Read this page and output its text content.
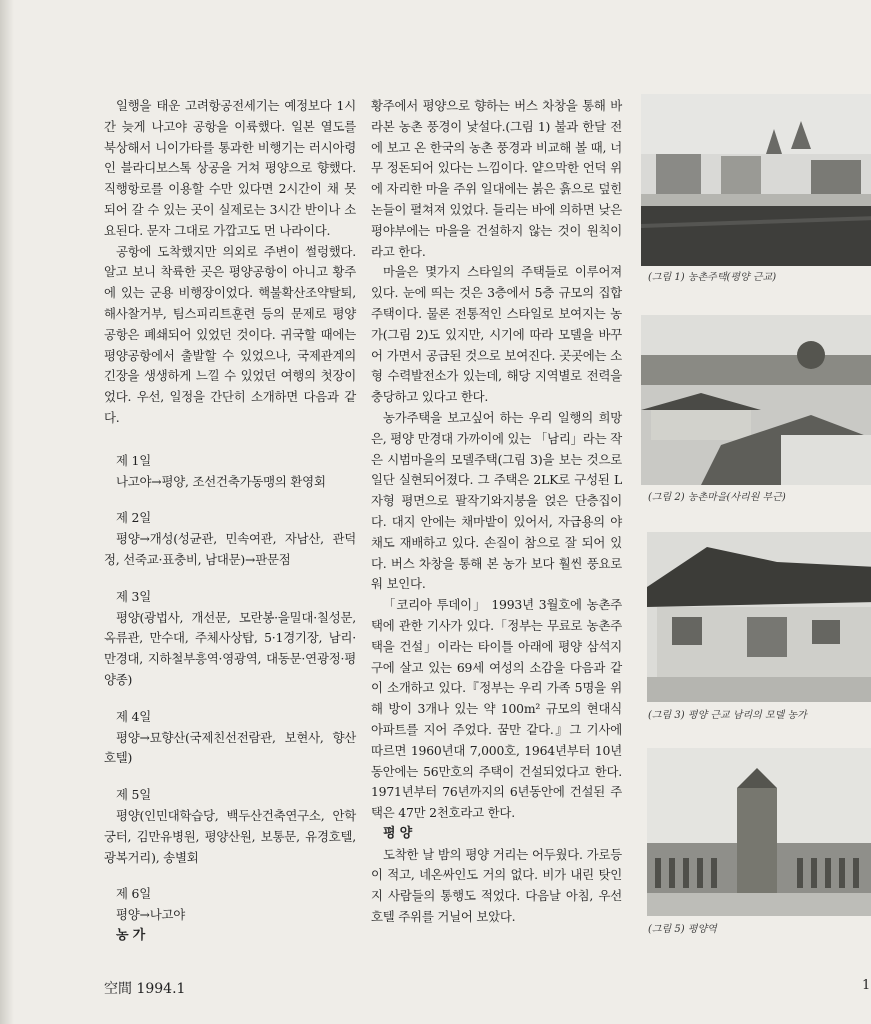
일행을 태운 고려항공전세기는 예정보다 1시간 늦게 나고야 공항을 이륙했다. 일본 열도를 북상해서 니이가타를 통과한 비행기는 러시아령인 블라디보스톡 상공을 거쳐 평양으로 향했다. 직행항로를 이용할 수만 있다면 2시간이 채 못되어 갈 수 있는 곳이 실제로는 3시간 반이나 소요된다. 문자 그대로 가깝고도 먼 나라이다.

공항에 도착했지만 의외로 주변이 썰렁했다. 알고 보니 착륙한 곳은 평양공항이 아니고 황주에 있는 군용 비행장이었다. 핵불확산조약탈퇴, 해사찰거부, 팀스피리트훈련 등의 문제로 평양공항은 폐쇄되어 있었던 것이다. 귀국할 때에는 평양공항에서 출발할 수 있었으나, 국제관계의 긴장을 생생하게 느낄 수 있었던 여행의 첫장이었다. 우선, 일정을 간단히 소개하면 다음과 같다.

제 1일

나고야→평양, 조선건축가동맹의 환영회

제 2일

평양→개성(성균관, 민속여관, 자남산, 관덕정, 선죽교·표충비, 남대문)→판문점

제 3일

평양(광법사, 개선문, 모란봉·을밀대·칠성문, 옥류관, 만수대, 주체사상탑, 5·1경기장, 남리·만경대, 지하철부흥역·영광역, 대동문·연광정·평양종)

제 4일

평양→묘향산(국제친선전람관, 보현사, 향산호텔)

제 5일

평양(인민대학습당, 백두산건축연구소, 안학궁터, 김만유병원, 평양산원, 보통문, 유경호텔, 광복거리), 송별회

제 6일

평양→나고야

농 가

황주에서 평양으로 향하는 버스 차창을 통해 바라본 농촌 풍경이 낯설다.(그림 1) 불과 한달 전에 보고 온 한국의 농촌 풍경과 비교해 볼 때, 너무 정돈되어 있다는 느낌이다. 얕으막한 언덕 위에 자리한 마을 주위 일대에는 붉은 흙으로 덮힌 논들이 펼쳐져 있었다. 들리는 바에 의하면 낮은 평야부에는 마을을 건설하지 않는 것이 원칙이라고 한다.

마을은 몇가지 스타일의 주택들로 이루어져 있다. 눈에 띄는 것은 3층에서 5층 규모의 집합주택이다. 물론 전통적인 스타일로 보여지는 농가(그림 2)도 있지만, 시기에 따라 모델을 바꾸어 가면서 공급된 것으로 보여진다. 곳곳에는 소형 수력발전소가 있는데, 해당 지역별로 전력을 충당하고 있다고 한다.

농가주택을 보고싶어 하는 우리 일행의 희망은, 평양 만경대 가까이에 있는 「남리」라는 작은 시범마을의 모델주택(그림 3)을 보는 것으로 일단 실현되어졌다. 그 주택은 2LK로 구성된 L자형 평면으로 팔작기와지붕을 얹은 단층집이다. 대지 안에는 채마밭이 있어서, 자급용의 야채도 재배하고 있다. 손질이 참으로 잘 되어 있다. 버스 차창을 통해 본 농가 보다 훨씬 풍요로워 보인다.

「코리아 투데이」 1993년 3월호에 농촌주택에 관한 기사가 있다.「정부는 무료로 농촌주택을 건설」이라는 타이틀 아래에 평양 삼석지구에 살고 있는 69세 여성의 소감을 다음과 같이 소개하고 있다.『정부는 우리 가족 5명을 위해 방이 3개나 있는 약 100m² 규모의 현대식 아파트를 지어 주었다. 꿈만 같다.』그 기사에 따르면 1960년대 7,000호, 1964년부터 10년 동안에는 56만호의 주택이 건설되었다고 한다. 1971년부터 76년까지의 6년동안에 건설된 주택은 47만 2천호라고 한다.

평 양

도착한 날 밤의 평양 거리는 어두웠다. 가로등이 적고, 네온싸인도 거의 없다. 비가 내린 탓인지 사람들의 통행도 적었다. 다음날 아침, 우선 호텔 주위를 거닐어 보았다.

(그림 1) 농촌주택(평양 근교)
(그림 2) 농촌마을(사리원 부근)
(그림 3) 평양 근교 남리의 모델 농가
(그림 5) 평양역
空間 1994.1	1
